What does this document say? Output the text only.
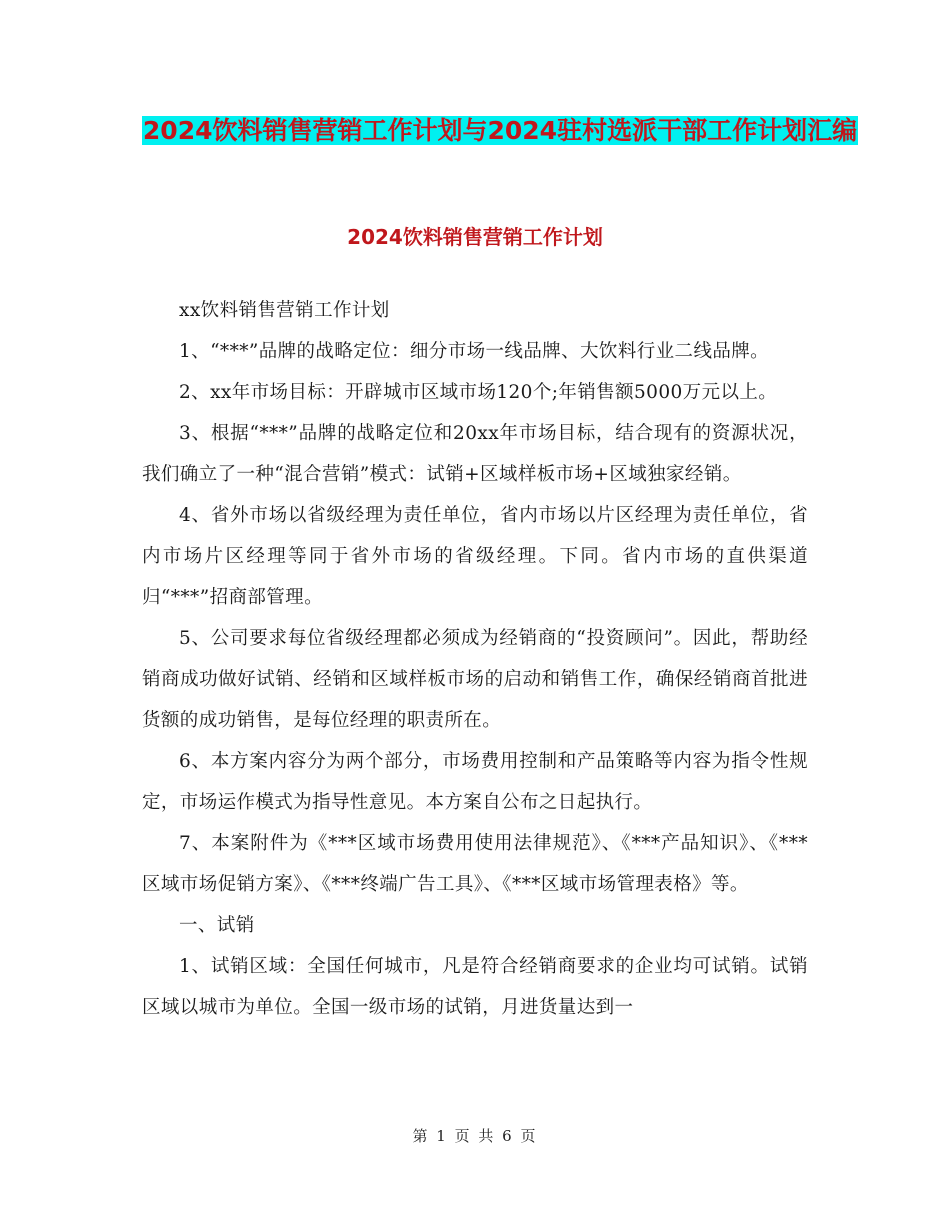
2024饮料销售营销工作计划与2024驻村选派干部工作计划汇编
2024饮料销售营销工作计划

xx饮料销售营销工作计划

1、“***”品牌的战略定位：细分市场一线品牌、大饮料行业二线品牌。

2、xx年市场目标：开辟城市区域市场120个;年销售额5000万元以上。

3、根据“***”品牌的战略定位和20xx年市场目标，结合现有的资源状况，我们确立了一种“混合营销”模式：试销+区域样板市场+区域独家经销。

4、省外市场以省级经理为责任单位，省内市场以片区经理为责任单位，省内市场片区经理等同于省外市场的省级经理。下同。省内市场的直供渠道归“***”招商部管理。

5、公司要求每位省级经理都必须成为经销商的“投资顾问”。因此，帮助经销商成功做好试销、经销和区域样板市场的启动和销售工作，确保经销商首批进货额的成功销售，是每位经理的职责所在。

6、本方案内容分为两个部分，市场费用控制和产品策略等内容为指令性规定，市场运作模式为指导性意见。本方案自公布之日起执行。

7、本案附件为《***区域市场费用使用法律规范》、《***产品知识》、《***区域市场促销方案》、《***终端广告工具》、《***区域市场管理表格》等。

一、试销

1、试销区域：全国任何城市，凡是符合经销商要求的企业均可试销。试销区域以城市为单位。全国一级市场的试销，月进货量达到一

第 1 页 共 6 页
